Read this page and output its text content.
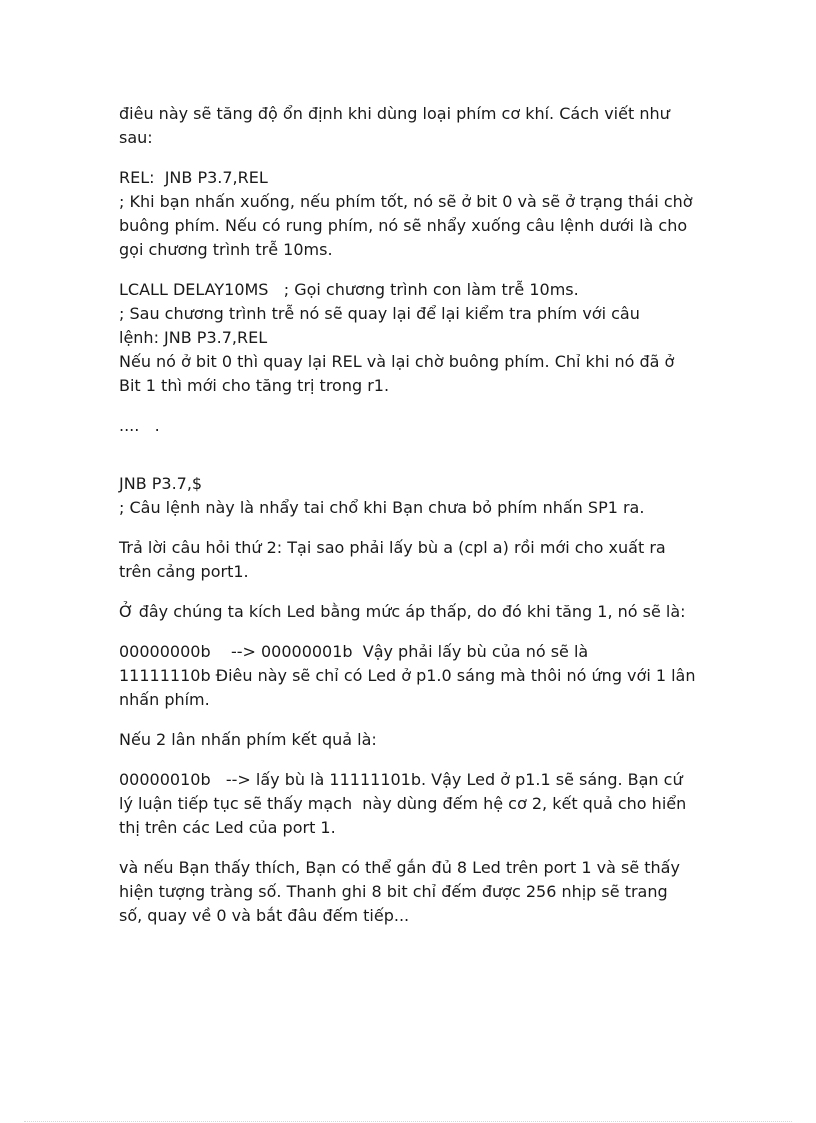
điêu này sẽ tăng độ ổn định khi dùng loại phím cơ khí. Cách viết như
sau:

REL:  JNB P3.7,REL
; Khi bạn nhấn xuống, nếu phím tốt, nó sẽ ở bit 0 và sẽ ở trạng thái chờ
buông phím. Nếu có rung phím, nó sẽ nhẩy xuống câu lệnh dưới là cho
gọi chương trình trễ 10ms.

LCALL DELAY10MS   ; Gọi chương trình con làm trễ 10ms.
; Sau chương trình trễ nó sẽ quay lại để lại kiểm tra phím với câu
lệnh: JNB P3.7,REL
Nếu nó ở bit 0 thì quay lại REL và lại chờ buông phím. Chỉ khi nó đã ở
Bit 1 thì mới cho tăng trị trong r1.

....   .

JNB P3.7,$
; Câu lệnh này là nhẩy tai chổ khi Bạn chưa bỏ phím nhấn SP1 ra.

Trả lời câu hỏi thứ 2: Tại sao phải lấy bù a (cpl a) rồi mới cho xuất ra
trên cảng port1.

Ở đây chúng ta kích Led bằng mức áp thấp, do đó khi tăng 1, nó sẽ là:

00000000b    --> 00000001b  Vậy phải lấy bù của nó sẽ là
11111110b Điêu này sẽ chỉ có Led ở p1.0 sáng mà thôi nó ứng với 1 lân
nhấn phím.

Nếu 2 lân nhấn phím kết quả là:

00000010b   --> lấy bù là 11111101b. Vậy Led ở p1.1 sẽ sáng. Bạn cứ
lý luận tiếp tục sẽ thấy mạch  này dùng đếm hệ cơ 2, kết quả cho hiển
thị trên các Led của port 1.

và nếu Bạn thấy thích, Bạn có thể gắn đủ 8 Led trên port 1 và sẽ thấy
hiện tượng tràng số. Thanh ghi 8 bit chỉ đếm được 256 nhịp sẽ trang
số, quay về 0 và bắt đâu đếm tiếp...
